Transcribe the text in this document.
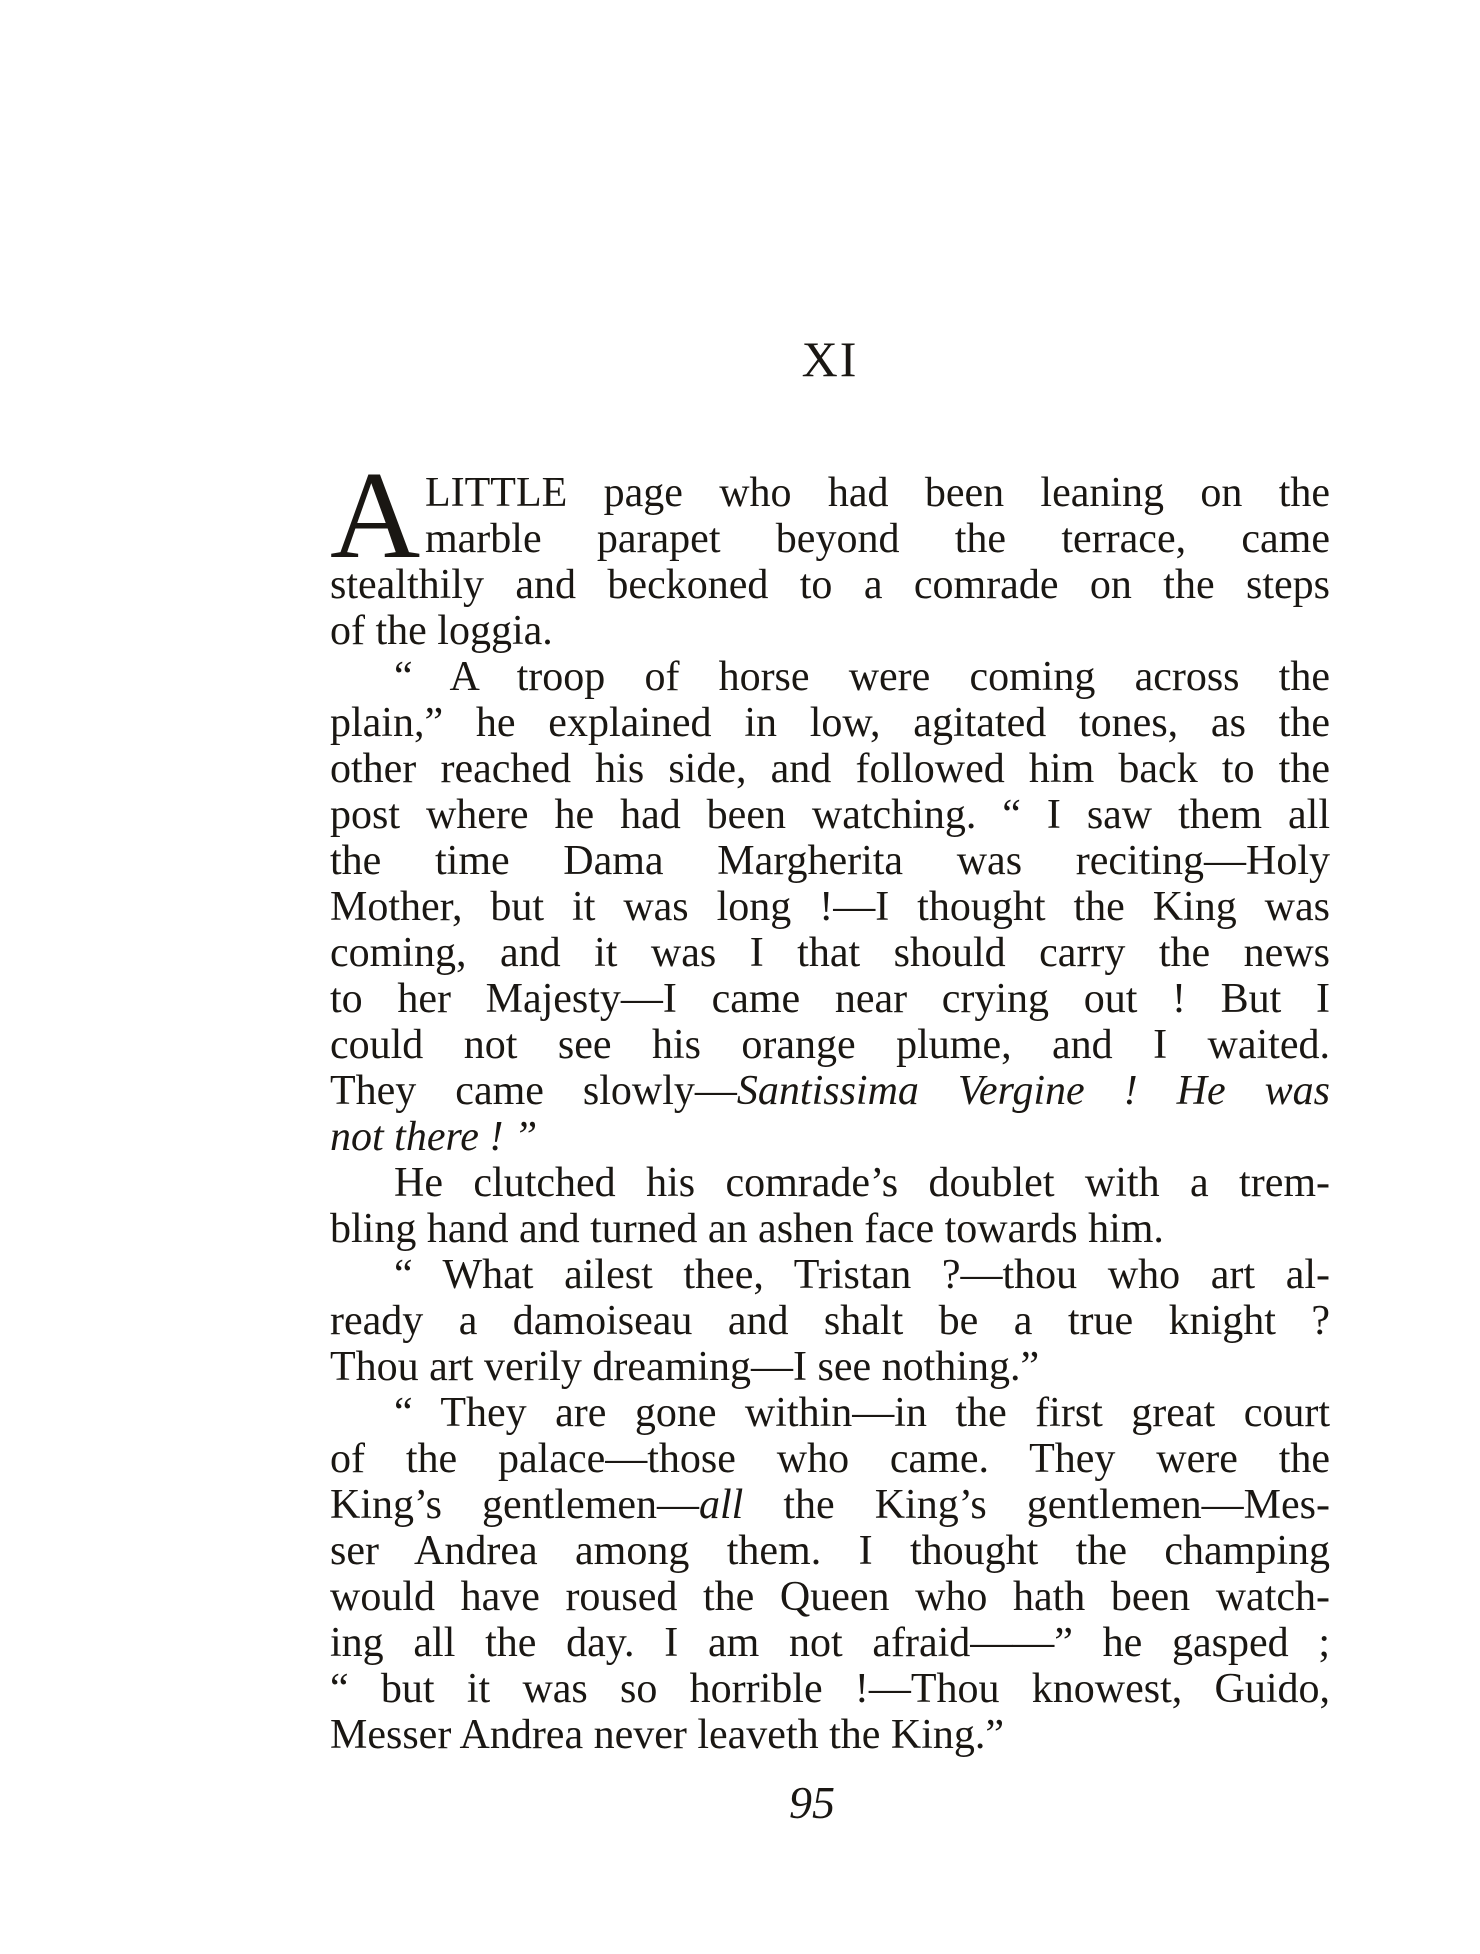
XI
A LITTLE page who had been leaning on the
marble parapet beyond the terrace, came
stealthily and beckoned to a comrade on the steps
of the loggia.
“ A troop of horse were coming across the
plain,” he explained in low, agitated tones, as the
other reached his side, and followed him back to the
post where he had been watching. “ I saw them all
the time Dama Margherita was reciting—Holy
Mother, but it was long !—I thought the King was
coming, and it was I that should carry the news
to her Majesty—I came near crying out ! But I
could not see his orange plume, and I waited.
They came slowly—Santissima Vergine ! He was
not there ! ”
He clutched his comrade’s doublet with a trem-
bling hand and turned an ashen face towards him.
“ What ailest thee, Tristan ?—thou who art al-
ready a damoiseau and shalt be a true knight ?
Thou art verily dreaming—I see nothing.”
“ They are gone within—in the first great court
of the palace—those who came. They were the
King’s gentlemen—all the King’s gentlemen—Mes-
ser Andrea among them. I thought the champing
would have roused the Queen who hath been watch-
ing all the day. I am not afraid——” he gasped ;
“ but it was so horrible !—Thou knowest, Guido,
Messer Andrea never leaveth the King.”
95
